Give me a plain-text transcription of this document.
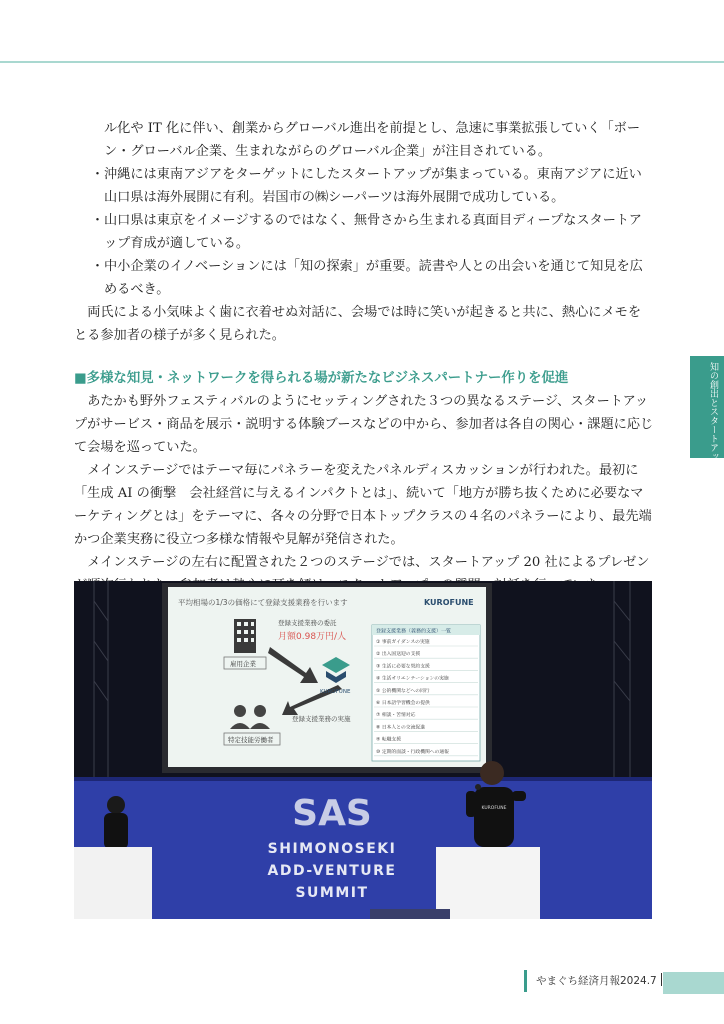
ル化や IT 化に伴い、創業からグローバル進出を前提とし、急速に事業拡張していく「ボーン・グローバル企業、生まれながらのグローバル企業」が注目されている。

・沖縄には東南アジアをターゲットにしたスタートアップが集まっている。東南アジアに近い山口県は海外展開に有利。岩国市の㈱シーパーツは海外展開で成功している。

・山口県は東京をイメージするのではなく、無骨さから生まれる真面目ディープなスタートアップ育成が適している。

・中小企業のイノベーションには「知の探索」が重要。読書や人との出会いを通じて知見を広めるべき。

両氏による小気味よく歯に衣着せぬ対話に、会場では時に笑いが起きると共に、熱心にメモをとる参加者の様子が多く見られた。

■多様な知見・ネットワークを得られる場が新たなビジネスパートナー作りを促進

あたかも野外フェスティバルのようにセッティングされた３つの異なるステージ、スタートアップがサービス・商品を展示・説明する体験ブースなどの中から、参加者は各自の関心・課題に応じて会場を巡っていた。

メインステージではテーマ毎にパネラーを変えたパネルディスカッションが行われた。最初に「生成 AI の衝撃　会社経営に与えるインパクトとは」、続いて「地方が勝ち抜くために必要なマーケティングとは」をテーマに、各々の分野で日本トップクラスの４名のパネラーにより、最先端かつ企業実務に役立つ多様な情報や見解が発信された。

メインステージの左右に配置された２つのステージでは、スタートアップ 20 社によるプレゼン	知の創出とスタートアップ企業支援・地域連携ビジネス
平均相場の1/3の価格にて登録支援業務を行います	KUROFUNE
雇用企業
登録支援業務の委託
月額0.98万円/人
KUROFUNE
特定技能労働者
登録支援業務の実施
登録支援業務（義務的支援）一覧
① 事前ガイダンスの実施
② 出入国送迎の支援
③ 生活に必要な契約支援
④ 生活オリエンテーションの実施
⑤ 公的機関などへの同行
⑥ 日本語学習機会の提供
⑦ 相談・苦情対応
⑧ 日本人との交流促進
⑨ 転職支援
⑩ 定期的面談・行政機関への通報
SAS
SHIMONOSEKI
ADD-VENTURE
SUMMIT
KUROFUNE
やまぐち経済月報2024.7
